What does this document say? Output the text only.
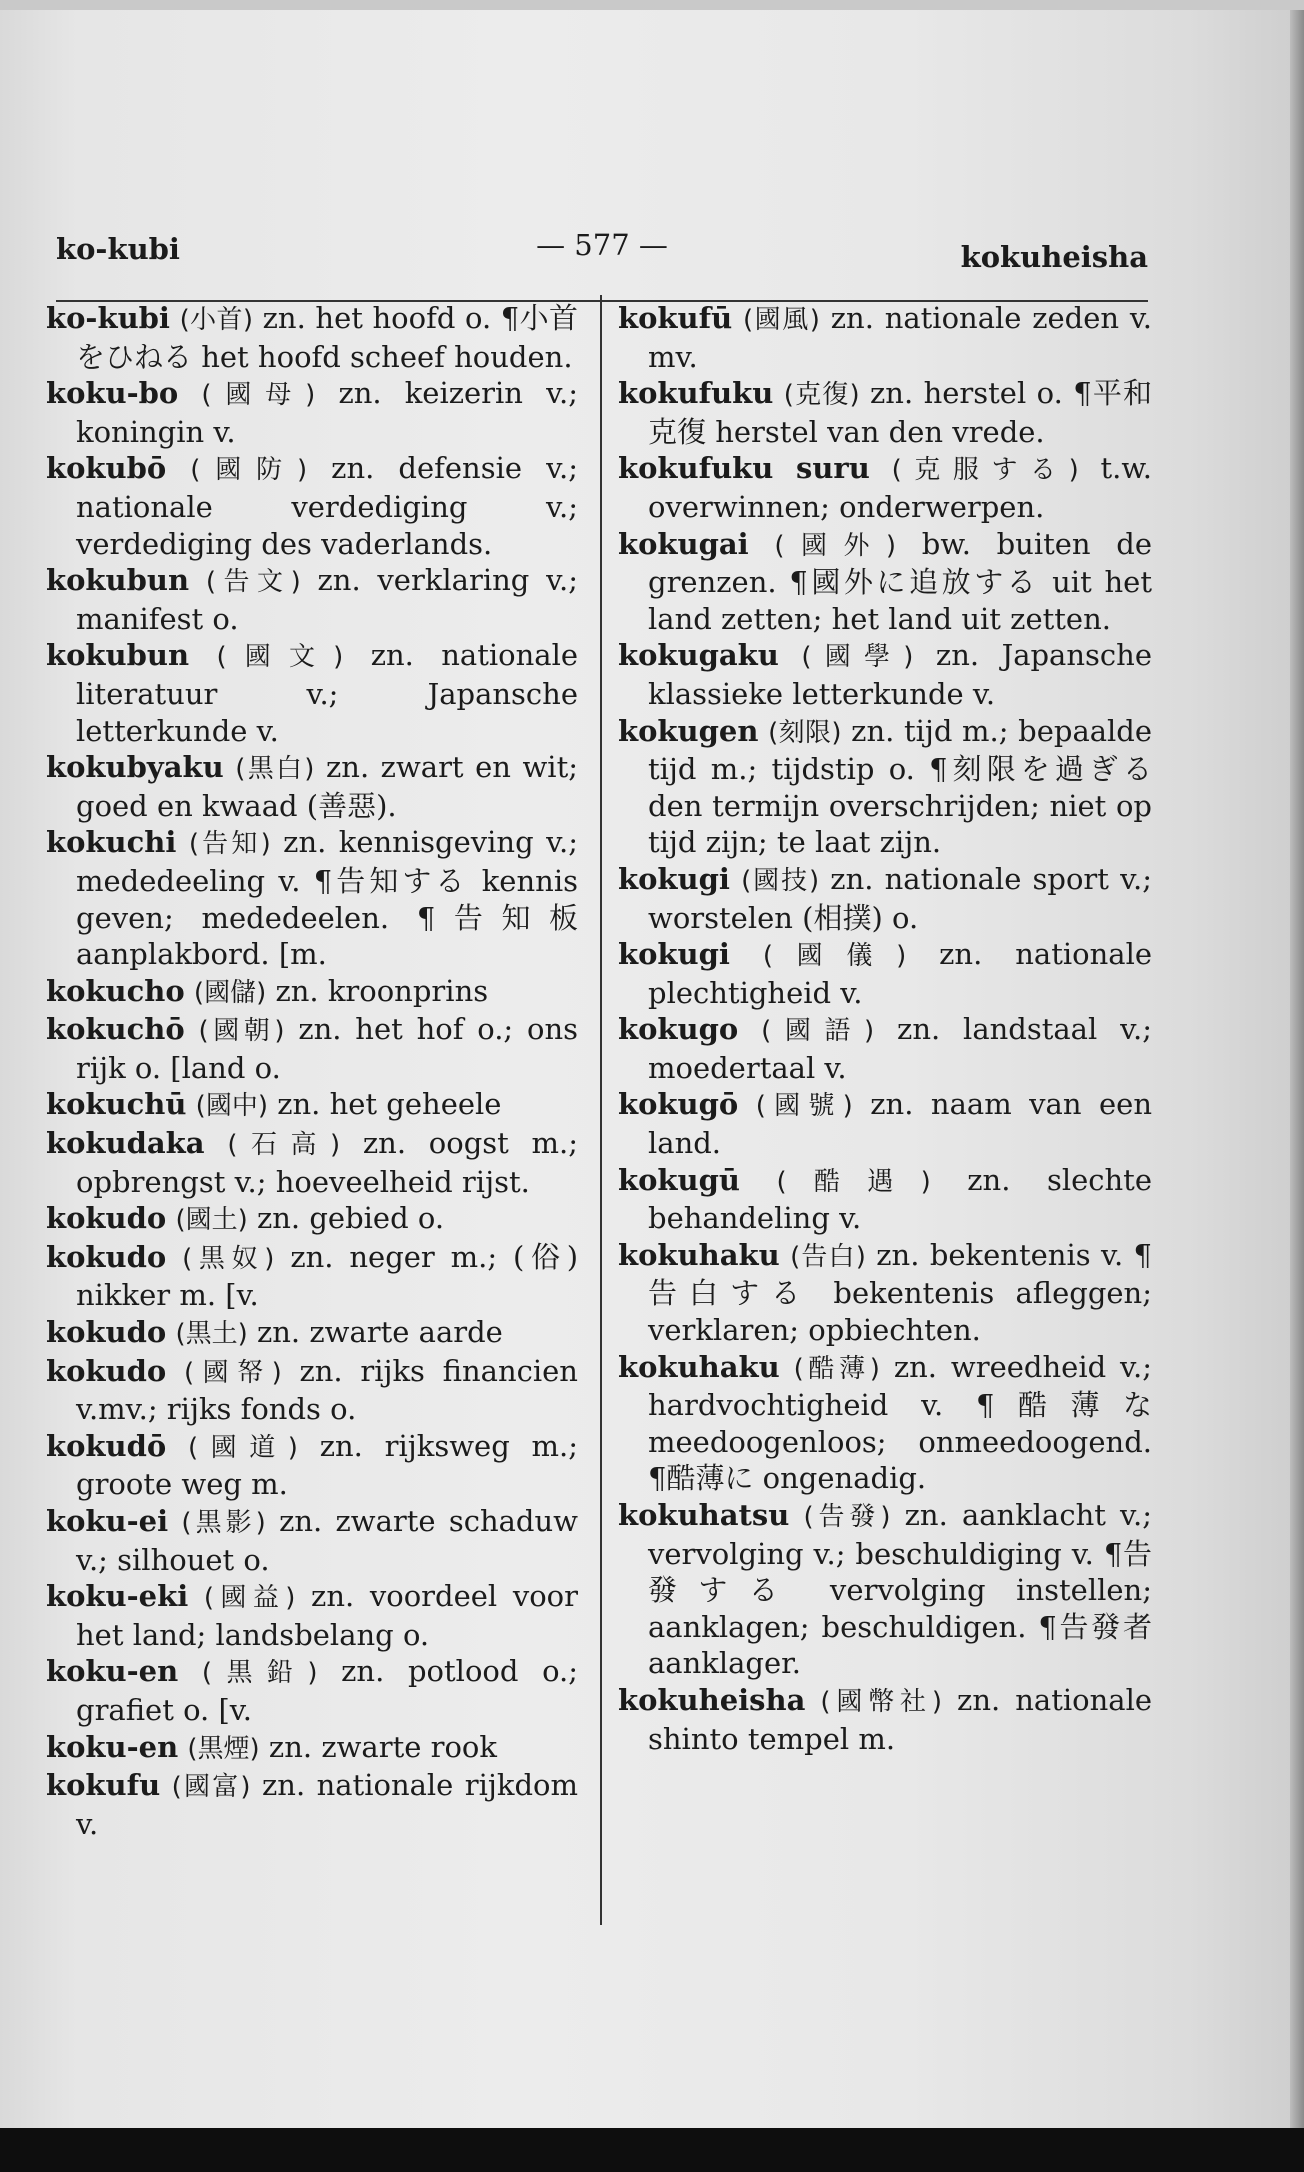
ko-kubi	— 577 —	kokuheisha

ko-kubi (小首) zn. het hoofd o. ¶小首をひねる het hoofd scheef houden.

koku-bo (國母) zn. keizerin v.; koningin v.

kokubō (國防) zn. defensie v.; nationale verdediging v.; verdediging des vaderlands.

kokubun (告文) zn. verklaring v.; manifest o.

kokubun (國文) zn. nationale literatuur v.; Japansche letterkunde v.

kokubyaku (黒白) zn. zwart en wit; goed en kwaad (善惡).

kokuchi (告知) zn. kennisgeving v.; mededeeling v. ¶告知する kennis geven; mededeelen. ¶告知板 aanplakbord. [m.

kokucho (國儲) zn. kroonprins

kokuchō (國朝) zn. het hof o.; ons rijk o. [land o.

kokuchū (國中) zn. het geheele

kokudaka (石高) zn. oogst m.; opbrengst v.; hoeveelheid rijst.

kokudo (國土) zn. gebied o.

kokudo (黒奴) zn. neger m.; (俗) nikker m. [v.

kokudo (黒土) zn. zwarte aarde

kokudo (國帑) zn. rijks financien v.mv.; rijks fonds o.

kokudō (國道) zn. rijksweg m.; groote weg m.

koku-ei (黒影) zn. zwarte schaduw v.; silhouet o.

koku-eki (國益) zn. voordeel voor het land; landsbelang o.

koku-en (黒鉛) zn. potlood o.; grafiet o. [v.

koku-en (黒煙) zn. zwarte rook

kokufu (國富) zn. nationale rijkdom v.

kokufū (國風) zn. nationale zeden v. mv.

kokufuku (克復) zn. herstel o. ¶平和克復 herstel van den vrede.

kokufuku suru (克服する) t.w. overwinnen; onderwerpen.

kokugai (國外) bw. buiten de grenzen. ¶國外に追放する uit het land zetten; het land uit zetten.

kokugaku (國學) zn. Japansche klassieke letterkunde v.

kokugen (刻限) zn. tijd m.; bepaalde tijd m.; tijdstip o. ¶刻限を過ぎる den termijn overschrijden; niet op tijd zijn; te laat zijn.

kokugi (國技) zn. nationale sport v.; worstelen (相撲) o.

kokugi (國儀) zn. nationale plechtigheid v.

kokugo (國語) zn. landstaal v.; moedertaal v.

kokugō (國號) zn. naam van een land.

kokugū (酷遇) zn. slechte behandeling v.

kokuhaku (告白) zn. bekentenis v. ¶告白する bekentenis afleggen; verklaren; opbiechten.

kokuhaku (酷薄) zn. wreedheid v.; hardvochtigheid v. ¶酷薄な meedoogenloos; onmeedoogend. ¶酷薄に ongenadig.

kokuhatsu (告發) zn. aanklacht v.; vervolging v.; beschuldiging v. ¶告發する vervolging instellen; aanklagen; beschuldigen. ¶告發者 aanklager.

kokuheisha (國幣社) zn. nationale shinto tempel m.
